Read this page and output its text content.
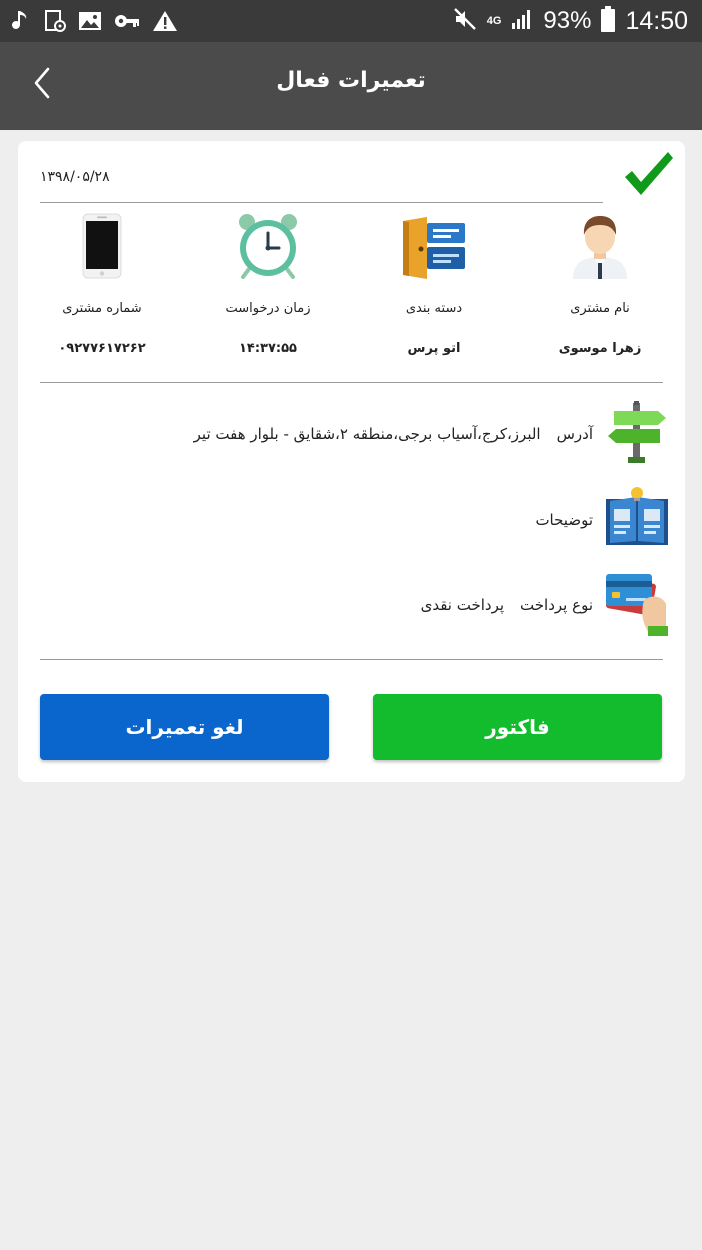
4G 93% 14:50
تعمیرات فعال
۱۳۹۸/۰۵/۲۸
نام مشتری
زهرا موسوی
دسته بندی
اتو پرس
زمان درخواست
۱۴:۳۷:۵۵
شماره مشتری
۰۹۲۷۷۶۱۷۲۶۲
آدرس
البرز،کرج،آسیاب برجی،منطقه ۲،شقایق - بلوار هفت تیر
توضیحات
نوع پرداخت
پرداخت نقدی
لغو تعمیرات	فاکتور
